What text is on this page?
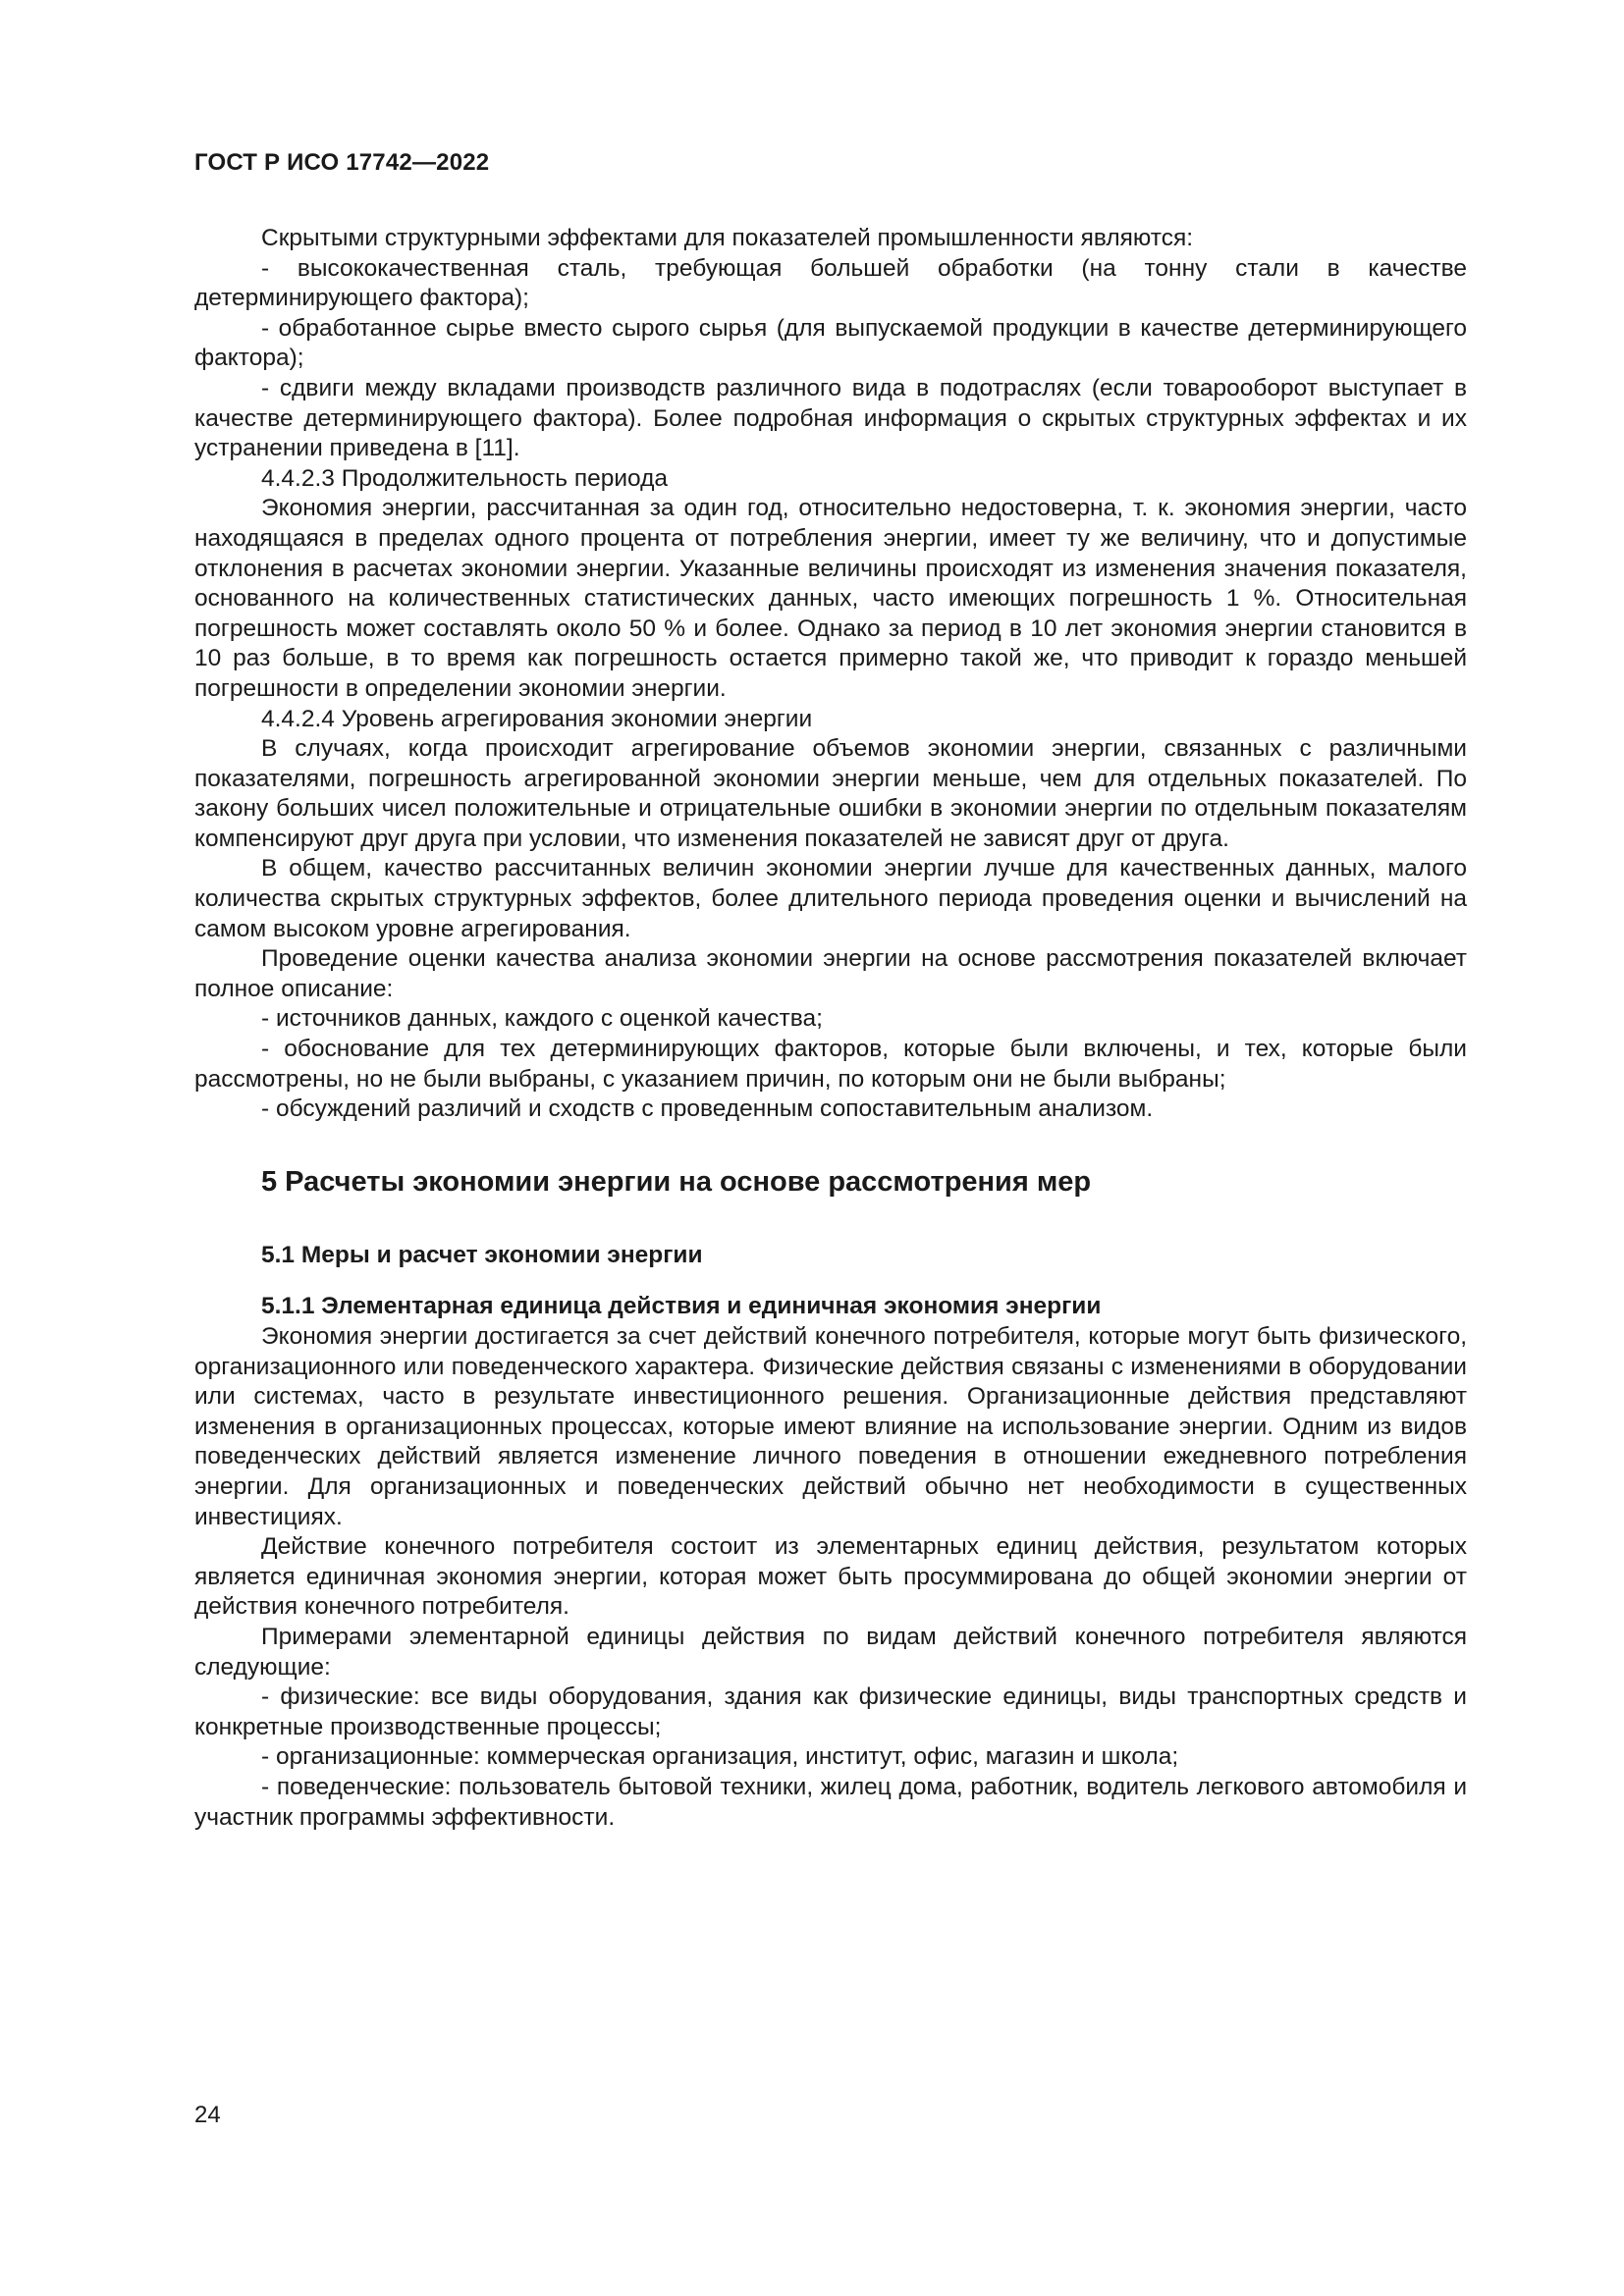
ГОСТ Р ИСО 17742—2022

Скрытыми структурными эффектами для показателей промышленности являются:

- высококачественная сталь, требующая большей обработки (на тонну стали в качестве детерминирующего фактора);

- обработанное сырье вместо сырого сырья (для выпускаемой продукции в качестве детерминирующего фактора);

- сдвиги между вкладами производств различного вида в подотраслях (если товарооборот выступает в качестве детерминирующего фактора). Более подробная информация о скрытых структурных эффектах и их устранении приведена в [11].

4.4.2.3 Продолжительность периода

Экономия энергии, рассчитанная за один год, относительно недостоверна, т. к. экономия энергии, часто находящаяся в пределах одного процента от потребления энергии, имеет ту же величину, что и допустимые отклонения в расчетах экономии энергии. Указанные величины происходят из изменения значения показателя, основанного на количественных статистических данных, часто имеющих погрешность 1 %. Относительная погрешность может составлять около 50 % и более. Однако за период в 10 лет экономия энергии становится в 10 раз больше, в то время как погрешность остается примерно такой же, что приводит к гораздо меньшей погрешности в определении экономии энергии.

4.4.2.4 Уровень агрегирования экономии энергии

В случаях, когда происходит агрегирование объемов экономии энергии, связанных с различными показателями, погрешность агрегированной экономии энергии меньше, чем для отдельных показателей. По закону больших чисел положительные и отрицательные ошибки в экономии энергии по отдельным показателям компенсируют друг друга при условии, что изменения показателей не зависят друг от друга.

В общем, качество рассчитанных величин экономии энергии лучше для качественных данных, малого количества скрытых структурных эффектов, более длительного периода проведения оценки и вычислений на самом высоком уровне агрегирования.

Проведение оценки качества анализа экономии энергии на основе рассмотрения показателей включает полное описание:

- источников данных, каждого с оценкой качества;

- обоснование для тех детерминирующих факторов, которые были включены, и тех, которые были рассмотрены, но не были выбраны, с указанием причин, по которым они не были выбраны;

- обсуждений различий и сходств с проведенным сопоставительным анализом.

5 Расчеты экономии энергии на основе рассмотрения мер
5.1 Меры и расчет экономии энергии
5.1.1 Элементарная единица действия и единичная экономия энергии

Экономия энергии достигается за счет действий конечного потребителя, которые могут быть физического, организационного или поведенческого характера. Физические действия связаны с изменениями в оборудовании или системах, часто в результате инвестиционного решения. Организационные действия представляют изменения в организационных процессах, которые имеют влияние на использование энергии. Одним из видов поведенческих действий является изменение личного поведения в отношении ежедневного потребления энергии. Для организационных и поведенческих действий обычно нет необходимости в существенных инвестициях.

Действие конечного потребителя состоит из элементарных единиц действия, результатом которых является единичная экономия энергии, которая может быть просуммирована до общей экономии энергии от действия конечного потребителя.

Примерами элементарной единицы действия по видам действий конечного потребителя являются следующие:

- физические: все виды оборудования, здания как физические единицы, виды транспортных средств и конкретные производственные процессы;

- организационные: коммерческая организация, институт, офис, магазин и школа;

- поведенческие: пользователь бытовой техники, жилец дома, работник, водитель легкового автомобиля и участник программы эффективности.

24
